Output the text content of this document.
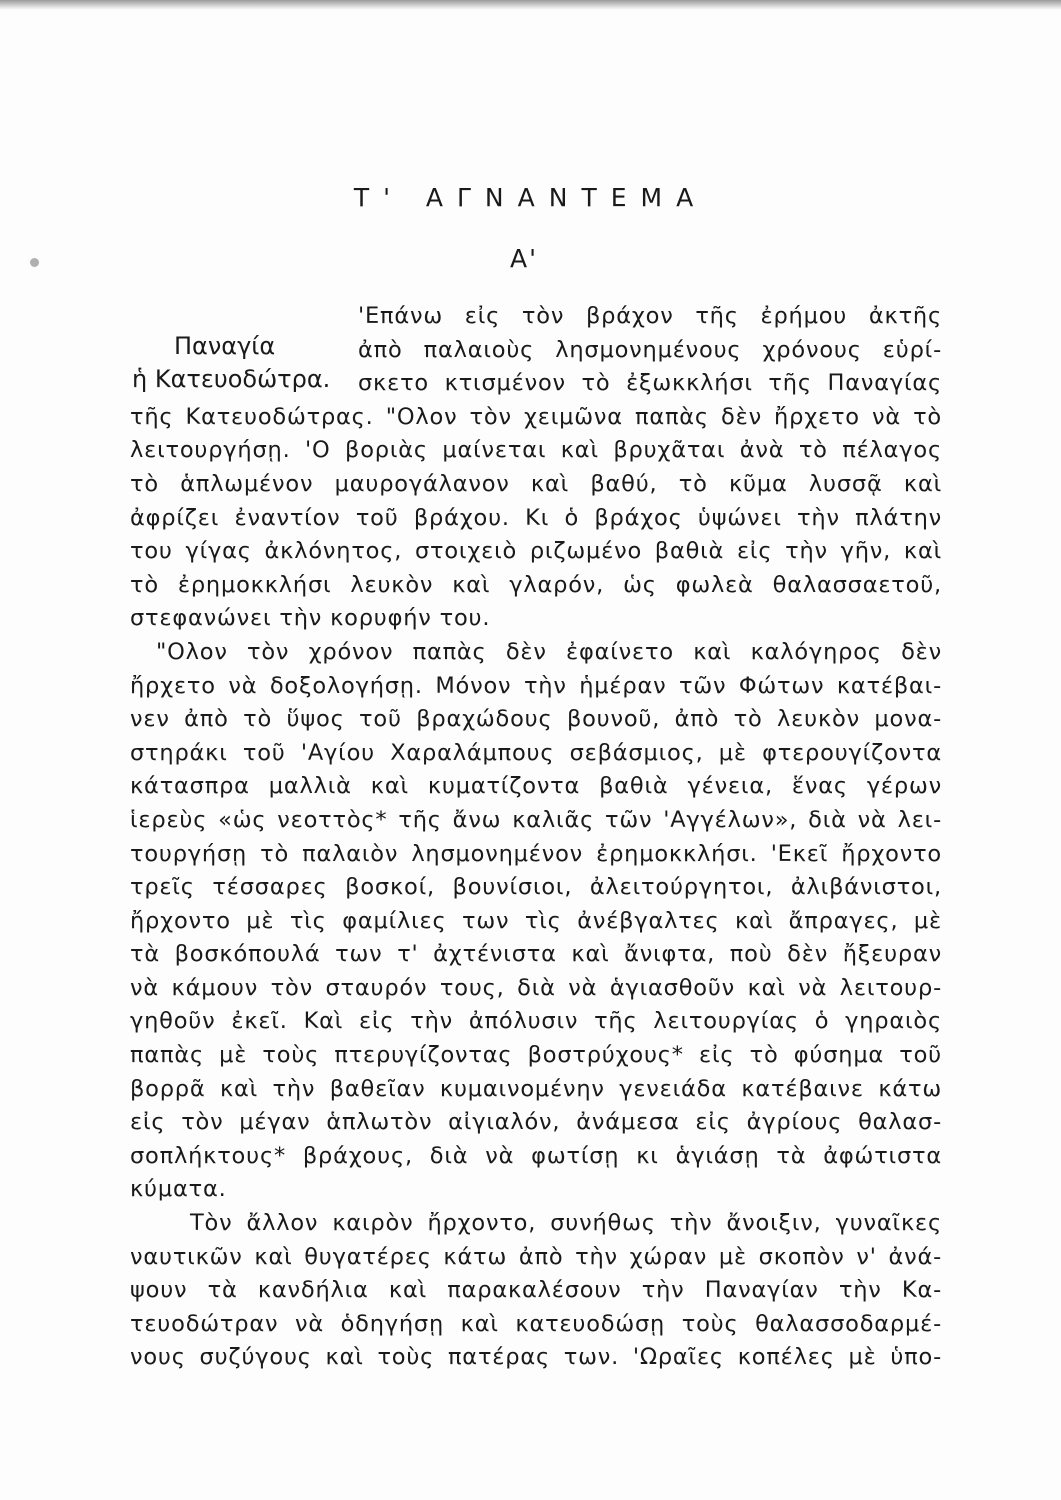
Τ' ΑΓΝΑΝΤΕΜΑ
Α'
Παναγία
ἡ Κατευοδώτρα.
'Επάνω εἰς τὸν βράχον τῆς ἐρήμου ἀκτῆς
ἀπὸ παλαιοὺς λησμονημένους χρόνους εὑρί-
σκετο κτισμένον τὸ ἐξωκκλήσι τῆς Παναγίας
τῆς Κατευοδώτρας. "Ολον τὸν χειμῶνα παπὰς δὲν ἤρχετο νὰ τὸ
λειτουργήσῃ. 'Ο βοριὰς μαίνεται καὶ βρυχᾶται ἀνὰ τὸ πέλαγος
τὸ ἁπλωμένον μαυρογάλανον καὶ βαθύ, τὸ κῦμα λυσσᾷ καὶ
ἀφρίζει ἐναντίον τοῦ βράχου. Κι ὁ βράχος ὑψώνει τὴν πλάτην
του γίγας ἀκλόνητος, στοιχειὸ ριζωμένο βαθιὰ εἰς τὴν γῆν, καὶ
τὸ ἐρημοκκλήσι λευκὸν καὶ γλαρόν, ὡς φωλεὰ θαλασσαετοῦ,
στεφανώνει τὴν κορυφήν του.
"Ολον τὸν χρόνον παπὰς δὲν ἐφαίνετο καὶ καλόγηρος δὲν
ἤρχετο νὰ δοξολογήσῃ. Μόνον τὴν ἡμέραν τῶν Φώτων κατέβαι-
νεν ἀπὸ τὸ ὕψος τοῦ βραχώδους βουνοῦ, ἀπὸ τὸ λευκὸν μονα-
στηράκι τοῦ 'Αγίου Χαραλάμπους σεβάσμιος, μὲ φτερουγίζοντα
κάτασπρα μαλλιὰ καὶ κυματίζοντα βαθιὰ γένεια, ἕνας γέρων
ἱερεὺς «ὡς νεοττὸς* τῆς ἄνω καλιᾶς τῶν 'Αγγέλων», διὰ νὰ λει-
τουργήσῃ τὸ παλαιὸν λησμονημένον ἐρημοκκλήσι. 'Εκεῖ ἤρχοντο
τρεῖς τέσσαρες βοσκοί, βουνίσιοι, ἀλειτούργητοι, ἀλιβάνιστοι,
ἤρχοντο μὲ τὶς φαμίλιες των τὶς ἀνέβγαλτες καὶ ἄπραγες, μὲ
τὰ βοσκόπουλά των τ' ἀχτένιστα καὶ ἄνιφτα, ποὺ δὲν ἤξευραν
νὰ κάμουν τὸν σταυρόν τους, διὰ νὰ ἁγιασθοῦν καὶ νὰ λειτουρ-
γηθοῦν ἐκεῖ. Καὶ εἰς τὴν ἀπόλυσιν τῆς λειτουργίας ὁ γηραιὸς
παπὰς μὲ τοὺς πτερυγίζοντας βοστρύχους* εἰς τὸ φύσημα τοῦ
βορρᾶ καὶ τὴν βαθεῖαν κυμαινομένην γενειάδα κατέβαινε κάτω
εἰς τὸν μέγαν ἁπλωτὸν αἰγιαλόν, ἀνάμεσα εἰς ἀγρίους θαλασ-
σοπλήκτους* βράχους, διὰ νὰ φωτίσῃ κι ἁγιάσῃ τὰ ἀφώτιστα
κύματα.
Τὸν ἄλλον καιρὸν ἤρχοντο, συνήθως τὴν ἄνοιξιν, γυναῖκες
ναυτικῶν καὶ θυγατέρες κάτω ἀπὸ τὴν χώραν μὲ σκοπὸν ν' ἀνά-
ψουν τὰ κανδήλια καὶ παρακαλέσουν τὴν Παναγίαν τὴν Κα-
τευοδώτραν νὰ ὁδηγήσῃ καὶ κατευοδώσῃ τοὺς θαλασσοδαρμέ-
νους συζύγους καὶ τοὺς πατέρας των. 'Ωραῖες κοπέλες μὲ ὑπο-
